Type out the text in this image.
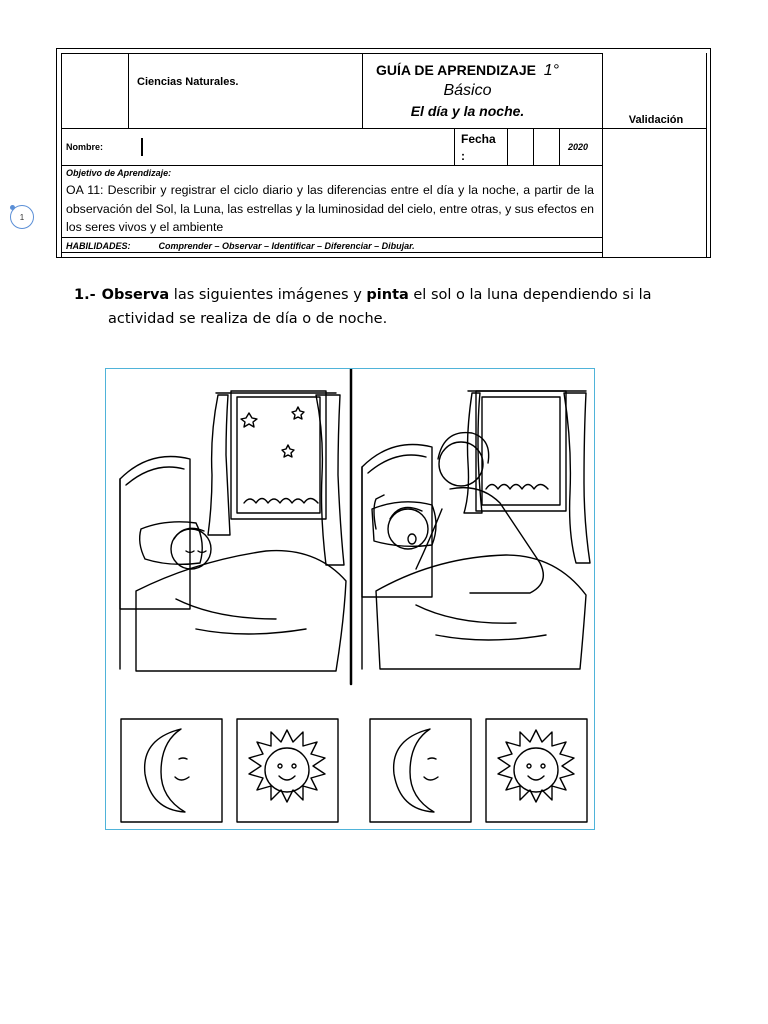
Ciencias Naturales.
GUÍA DE APRENDIZAJE 1°
Básico
El día y la noche.
Validación
Nombre:
Fecha
:
2020
Objetivo de Aprendizaje:
OA 11: Describir y registrar el ciclo diario y las diferencias entre el día y la noche, a partir de la observación del Sol, la Luna, las estrellas y la luminosidad del cielo, entre otras, y sus efectos en los seres vivos y el ambiente
HABILIDADES:	Comprender – Observar – Identificar – Diferenciar – Dibujar.
1
1.- Observa las siguientes imágenes y pinta el sol o la luna dependiendo si la
actividad se realiza de día o de noche.
